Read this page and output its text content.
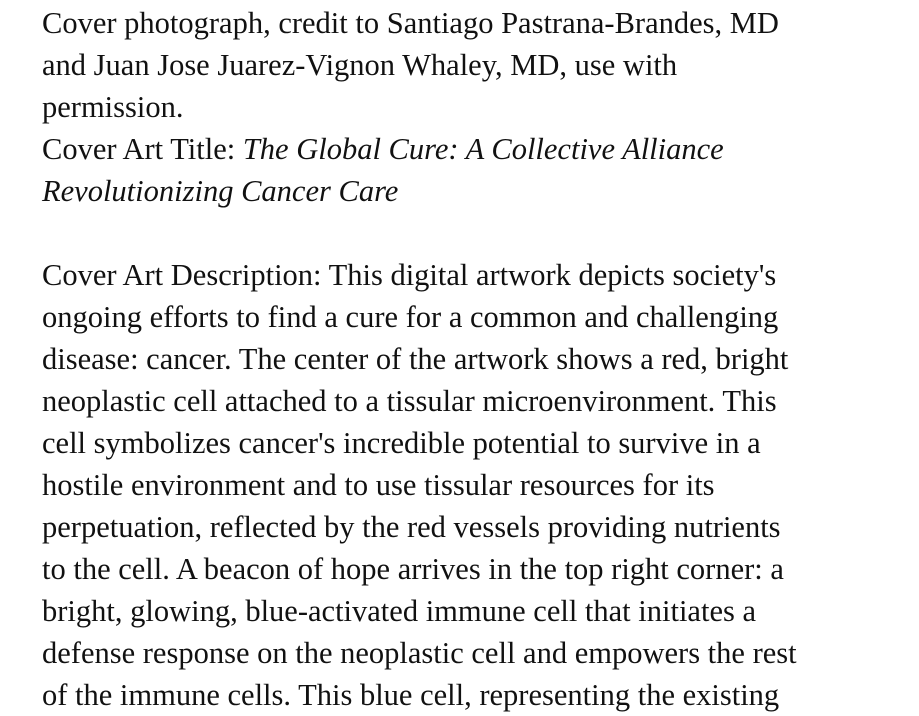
Cover photograph, credit to Santiago Pastrana-Brandes, MD
and Juan Jose Juarez-Vignon Whaley, MD, use with
permission.
Cover Art Title: The Global Cure: A Collective Alliance
Revolutionizing Cancer Care
Cover Art Description: This digital artwork depicts society's
ongoing efforts to find a cure for a common and challenging
disease: cancer. The center of the artwork shows a red, bright
neoplastic cell attached to a tissular microenvironment. This
cell symbolizes cancer's incredible potential to survive in a
hostile environment and to use tissular resources for its
perpetuation, reflected by the red vessels providing nutrients
to the cell. A beacon of hope arrives in the top right corner: a
bright, glowing, blue-activated immune cell that initiates a
defense response on the neoplastic cell and empowers the rest
of the immune cells. This blue cell, representing the existing
